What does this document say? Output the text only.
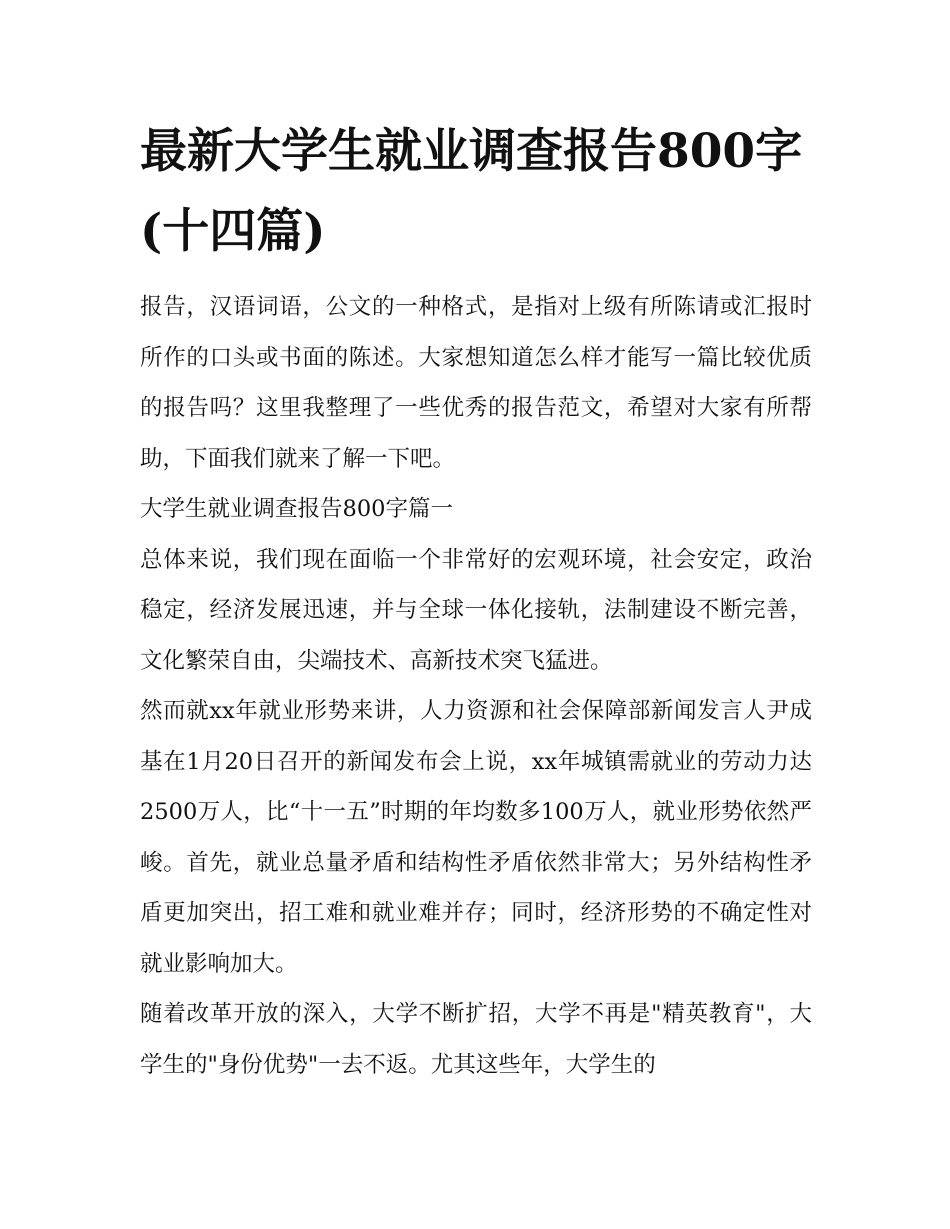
最新大学生就业调查报告800字(十四篇)

报告，汉语词语，公文的一种格式，是指对上级有所陈请或汇报时所作的口头或书面的陈述。大家想知道怎么样才能写一篇比较优质的报告吗？这里我整理了一些优秀的报告范文，希望对大家有所帮助，下面我们就来了解一下吧。

大学生就业调查报告800字篇一

总体来说，我们现在面临一个非常好的宏观环境，社会安定，政治稳定，经济发展迅速，并与全球一体化接轨，法制建设不断完善，文化繁荣自由，尖端技术、高新技术突飞猛进。

然而就xx年就业形势来讲，人力资源和社会保障部新闻发言人尹成基在1月20日召开的新闻发布会上说，xx年城镇需就业的劳动力达2500万人，比“十一五”时期的年均数多100万人，就业形势依然严峻。首先，就业总量矛盾和结构性矛盾依然非常大；另外结构性矛盾更加突出，招工难和就业难并存；同时，经济形势的不确定性对就业影响加大。

随着改革开放的深入，大学不断扩招，大学不再是"精英教育"，大学生的"身份优势"一去不返。尤其这些年，大学生的
